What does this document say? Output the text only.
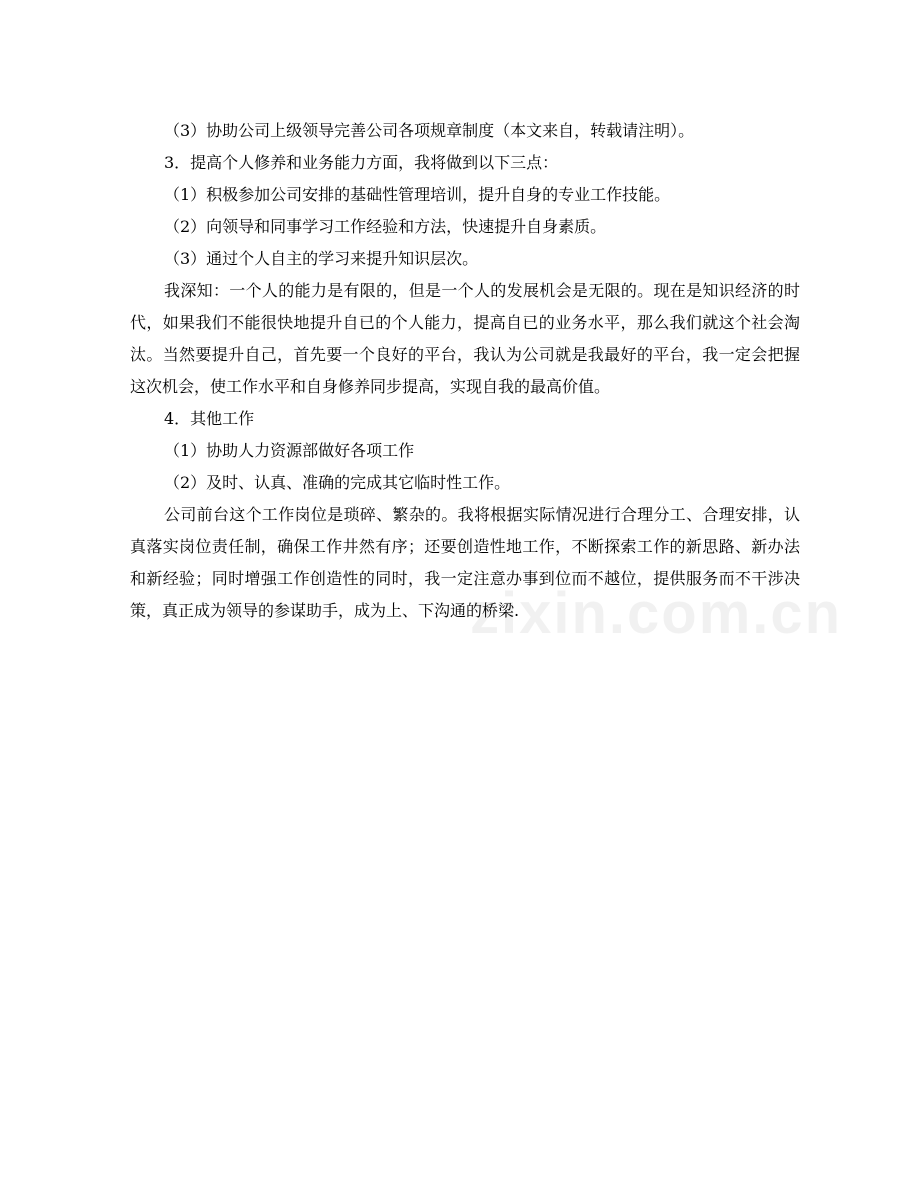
（3）协助公司上级领导完善公司各项规章制度（本文来自，转载请注明）。

3．提高个人修养和业务能力方面，我将做到以下三点：

（1）积极参加公司安排的基础性管理培训，提升自身的专业工作技能。

（2）向领导和同事学习工作经验和方法，快速提升自身素质。

（3）通过个人自主的学习来提升知识层次。

我深知：一个人的能力是有限的，但是一个人的发展机会是无限的。现在是知识经济的时代，如果我们不能很快地提升自已的个人能力，提高自已的业务水平，那么我们就这个社会淘汰。当然要提升自己，首先要一个良好的平台，我认为公司就是我最好的平台，我一定会把握这次机会，使工作水平和自身修养同步提高，实现自我的最高价值。

4．其他工作

（1）协助人力资源部做好各项工作

（2）及时、认真、准确的完成其它临时性工作。

公司前台这个工作岗位是琐碎、繁杂的。我将根据实际情况进行合理分工、合理安排，认真落实岗位责任制，确保工作井然有序；还要创造性地工作，不断探索工作的新思路、新办法和新经验；同时增强工作创造性的同时，我一定注意办事到位而不越位，提供服务而不干涉决策，真正成为领导的参谋助手，成为上、下沟通的桥梁.

zixin.com.cn
